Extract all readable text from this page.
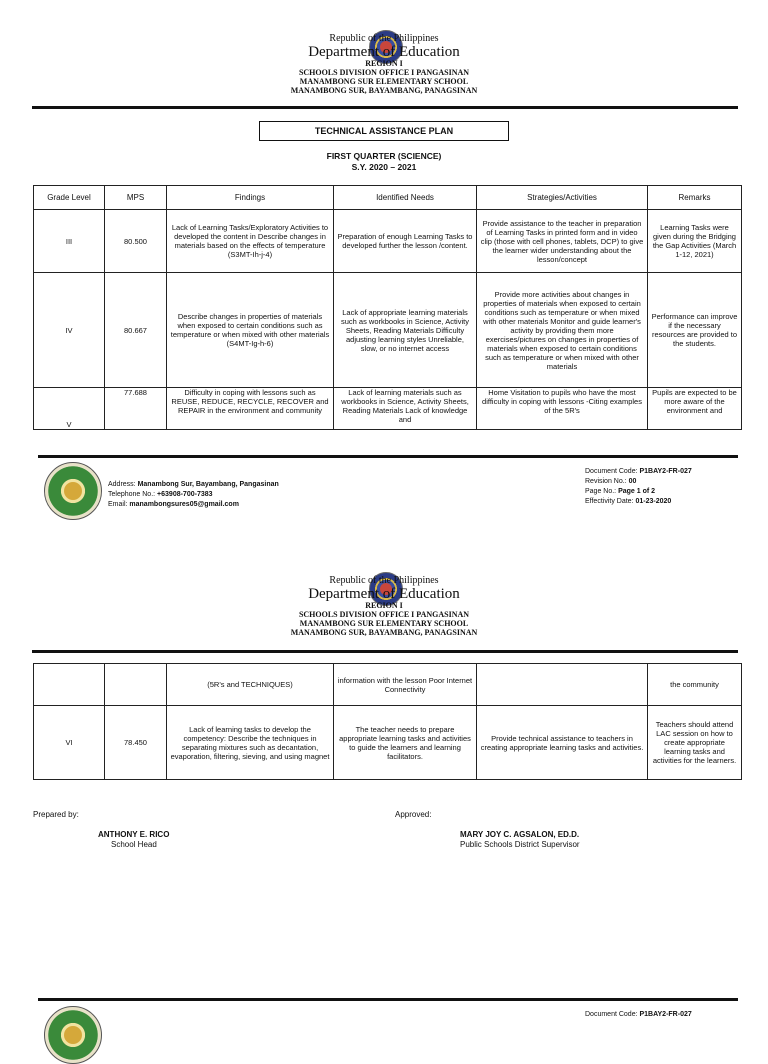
Republic of the Philippines
Department of Education
REGION I
SCHOOLS DIVISION OFFICE I PANGASINAN
MANAMBONG SUR ELEMENTARY SCHOOL
MANAMBONG SUR, BAYAMBANG, PANAGSINAN
TECHNICAL ASSISTANCE PLAN
FIRST QUARTER (SCIENCE)
S.Y. 2020 – 2021
Grade Level	MPS	Findings	Identified Needs	Strategies/Activities	Remarks
III	80.500	Lack of Learning Tasks/Exploratory Activities to developed the content in Describe changes in materials based on the effects of temperature (S3MT-Ih-j-4)	Preparation of enough Learning Tasks to developed further the lesson /content.	Provide assistance to the teacher in preparation of Learning Tasks in printed form and in video clip (those with cell phones, tablets, DCP) to give the learner wider understanding about the lesson/concept	Learning Tasks were given during the Bridging the Gap Activities (March 1-12, 2021)
IV	80.667	Describe changes in properties of materials when exposed to certain conditions such as temperature or when mixed with other materials (S4MT-Ig-h-6)	Lack of appropriate learning materials such as workbooks in Science, Activity Sheets, Reading Materials Difficulty adjusting learning styles Unreliable, slow, or no internet access	Provide more activities about changes in properties of materials when exposed to certain conditions such as temperature or when mixed with other materials Monitor and guide learner's activity by providing them more exercises/pictures on changes in properties of materials when exposed to certain conditions such as temperature or when mixed with other materials	Performance can improve if the necessary resources are provided to the students.
V	77.688	Difficulty in coping with lessons such as REUSE, REDUCE, RECYCLE, RECOVER and REPAIR in the environment and community	Lack of learning materials such as workbooks in Science, Activity Sheets, Reading Materials Lack of knowledge and	Home Visitation to pupils who have the most difficulty in coping with lessons -Citing examples of the 5R's	Pupils are expected to be more aware of the environment and
Address: Manambong Sur, Bayambang, Pangasinan
Telephone No.: +63908-700-7383
Email: manambongsures05@gmail.com
Document Code: P1BAY2-FR-027
Revision No.: 00
Page No.: Page 1 of 2
Effectivity Date: 01-23-2020
Republic of the Philippines
Department of Education
REGION I
SCHOOLS DIVISION OFFICE I PANGASINAN
MANAMBONG SUR ELEMENTARY SCHOOL
MANAMBONG SUR, BAYAMBANG, PANAGSINAN
		(5R's and TECHNIQUES)	information with the lesson Poor Internet Connectivity		the community
VI	78.450	Lack of learning tasks to develop the competency: Describe the techniques in separating mixtures such as decantation, evaporation, filtering, sieving, and using magnet	The teacher needs to prepare appropriate learning tasks and activities to guide the learners and learning facilitators.	Provide technical assistance to teachers in creating appropriate learning tasks and activities.	Teachers should attend LAC session on how to create appropriate learning tasks and activities for the learners.
Prepared by:
ANTHONY E. RICO
School Head
Approved:
MARY JOY C. AGSALON, ED.D.
Public Schools District Supervisor
Document Code: P1BAY2-FR-027
